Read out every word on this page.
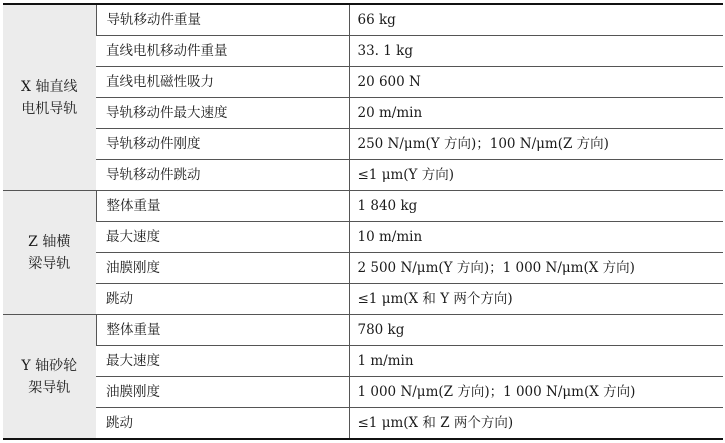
X 轴直线
电机导轨	导轨移动件重量	66 kg
	直线电机移动件重量	33. 1 kg
	直线电机磁性吸力	20 600 N
	导轨移动件最大速度	20 m/min
	导轨移动件刚度	250 N/μm(Y 方向)；100 N/μm(Z 方向)
	导轨移动件跳动	≤1 μm(Y 方向)

Z 轴横
梁导轨	整体重量	1 840 kg
	最大速度	10 m/min
	油膜刚度	2 500 N/μm(Y 方向)；1 000 N/μm(X 方向)
	跳动	≤1 μm(X 和 Y 两个方向)

Y 轴砂轮
架导轨	整体重量	780 kg
	最大速度	1 m/min
	油膜刚度	1 000 N/μm(Z 方向)；1 000 N/μm(X 方向)
	跳动	≤1 μm(X 和 Z 两个方向)
